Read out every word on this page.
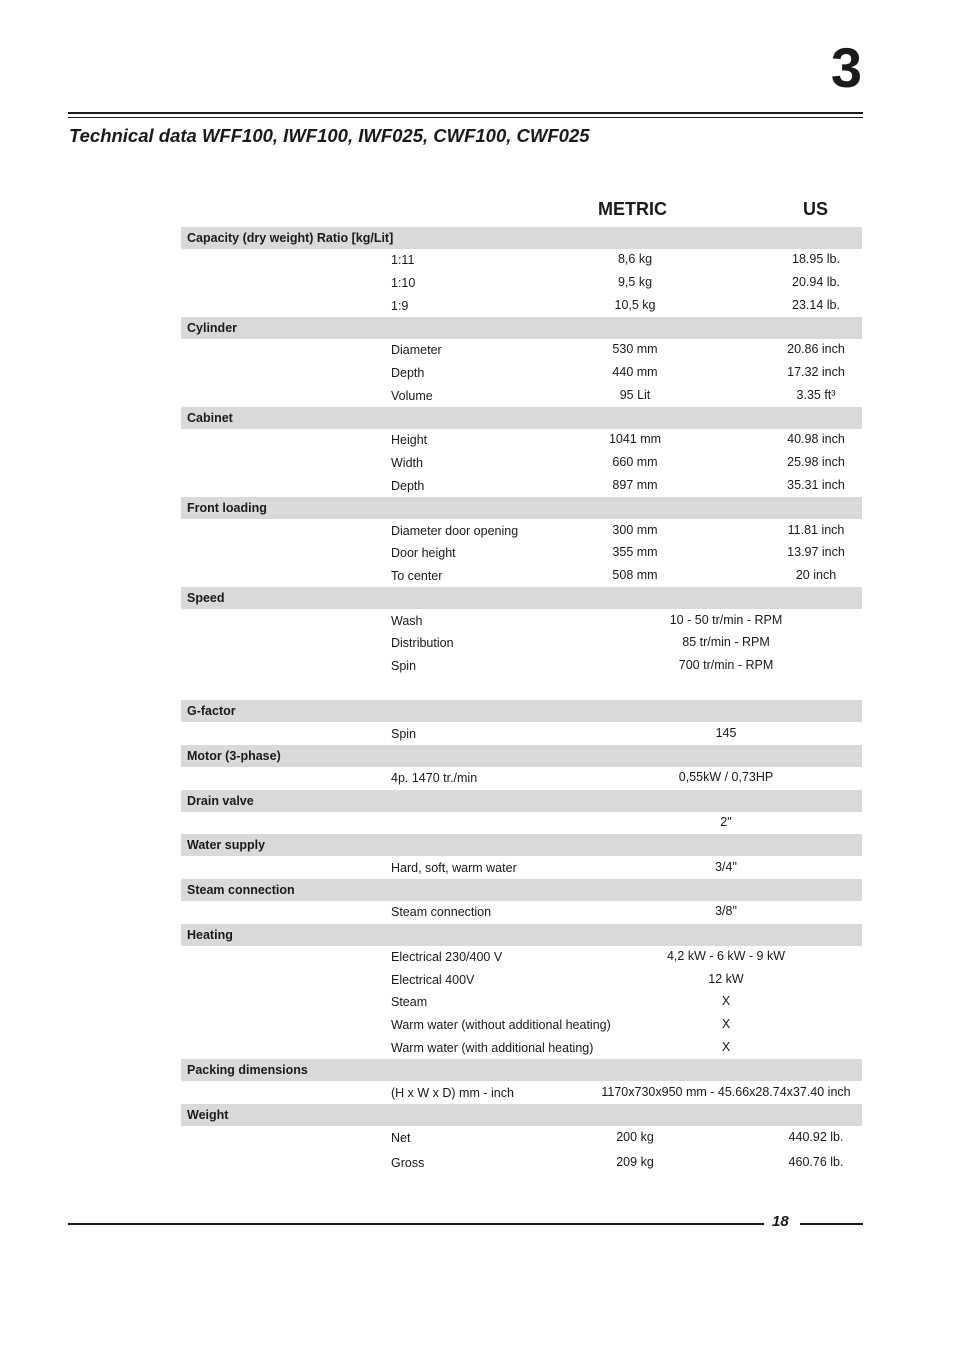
3
Technical data WFF100, IWF100, IWF025, CWF100, CWF025
METRIC	US
Capacity (dry weight) Ratio [kg/Lit]
1:11	8,6 kg	18.95 lb.
1:10	9,5 kg	20.94 lb.
1:9	10,5 kg	23.14 lb.
Cylinder
Diameter	530 mm	20.86 inch
Depth	440 mm	17.32 inch
Volume	95 Lit	3.35 ft³
Cabinet
Height	1041 mm	40.98 inch
Width	660 mm	25.98 inch
Depth	897 mm	35.31 inch
Front loading
Diameter door opening	300 mm	11.81 inch
Door height	355 mm	13.97 inch
To center	508 mm	20 inch
Speed
Wash	10 - 50 tr/min - RPM
Distribution	85 tr/min - RPM
Spin	700 tr/min - RPM
G-factor
Spin	145
Motor (3-phase)
4p. 1470 tr./min	0,55kW / 0,73HP
Drain valve
2"
Water supply
Hard, soft, warm water	3/4"
Steam connection
Steam connection	3/8"
Heating
Electrical 230/400 V	4,2 kW - 6 kW - 9 kW
Electrical 400V	12 kW
Steam	X
Warm water (without additional heating)	X
Warm water (with additional heating)	X
Packing dimensions
(H x W x D) mm - inch	1170x730x950 mm - 45.66x28.74x37.40 inch
Weight
Net	200 kg	440.92 lb.
Gross	209 kg	460.76 lb.
18
